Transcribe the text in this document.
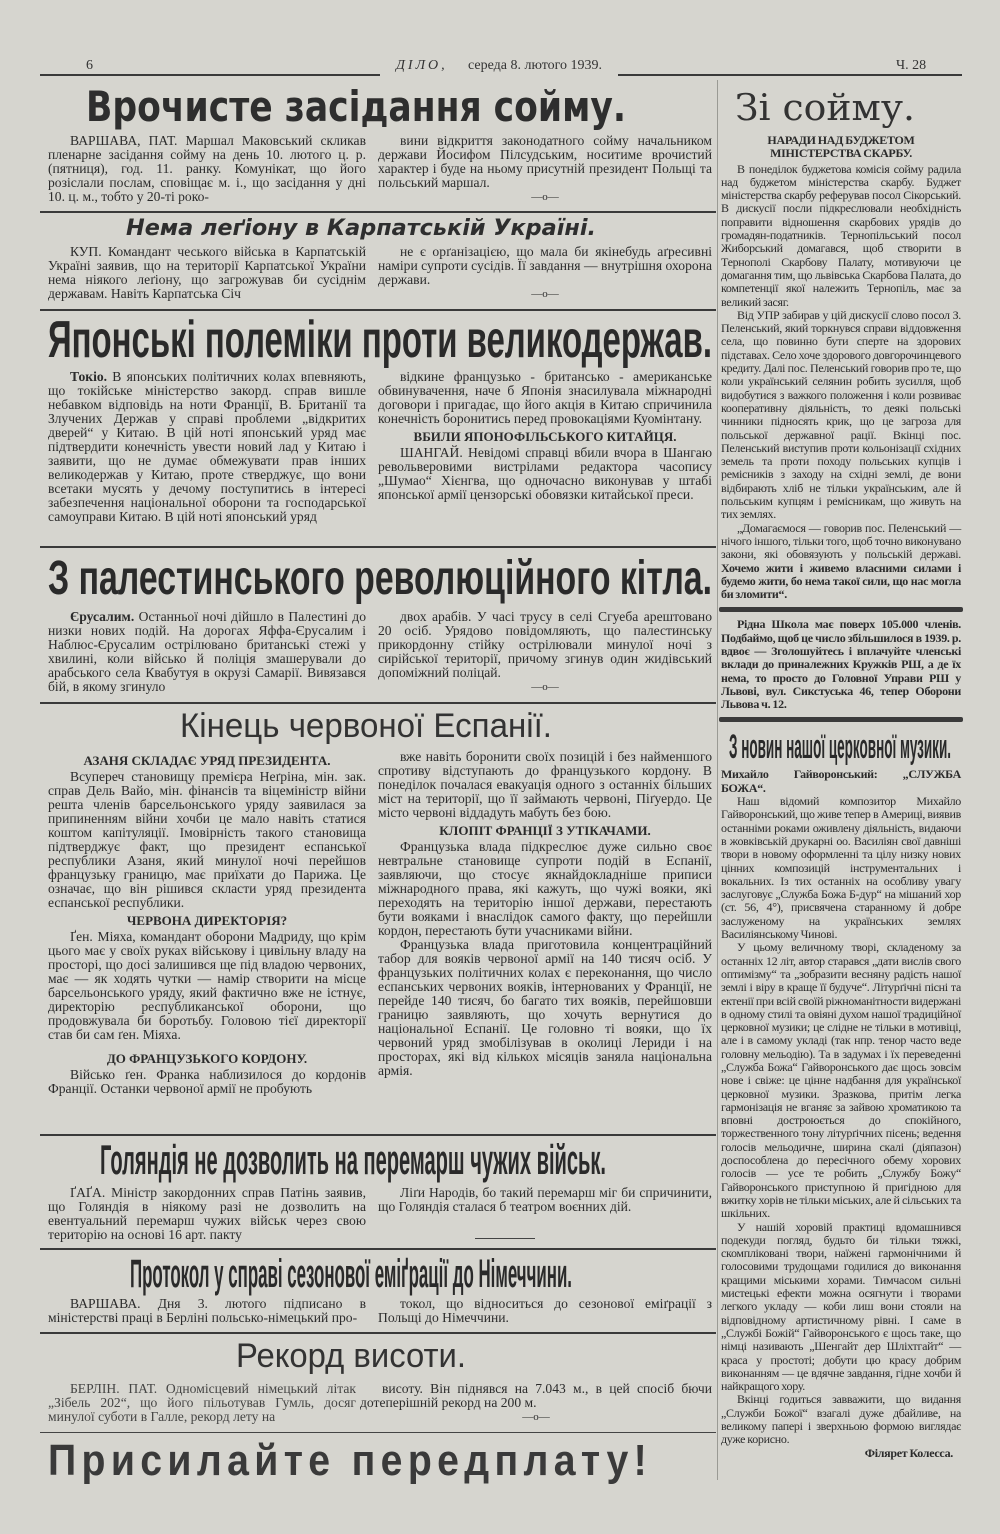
6	ДІЛО, середа 8. лютого 1939.	Ч. 28
Врочисте засідання сойму.

ВАРШАВА, ПАТ. Маршал Маковський скликав пленарне засідання сойму на день 10. лютого ц. р. (пятниця), год. 11. ранку. Комунікат, що його розіслали послам, сповіщає м. і., що засідання у дні 10. ц. м., тобто у 20-ті роко-

вини відкриття законодатного сойму начальником держави Йосифом Пілсудським, носитиме врочистий характер і буде на ньому присутній президент Польщі та польський маршал.

—o—

Нема леґіону в Карпатській Україні.

КУП. Командант чеського війська в Карпатській Україні заявив, що на території Карпатської України нема ніякого леґіону, що загрожував би сусіднім державам. Навіть Карпатська Січ

не є орґанізацією, що мала би якінебудь аґресивні наміри супроти сусідів. Її завдання — внутрішня охорона держави.

—o—

Японські полеміки проти великодержав.

Токіо. В японських політичних колах впевняють, що токійське міністерство закорд. справ вишле небавком відповідь на ноти Франції, В. Британії та Злучених Держав у справі проблеми „відкритих дверей“ у Китаю. В цій ноті японський уряд має підтвердити конечність увести новий лад у Китаю і заявити, що не думає обмежувати прав інших великодержав у Китаю, проте стверджує, що вони всетаки мусять у дечому поступитись в інтересі забезпечення національної оборони та господарської самоуправи Китаю. В цій ноті японський уряд

відкине французько - британсько - американське обвинувачення, наче б Японія знасилувала міжнародні договори і пригадає, що його акція в Китаю спричинила конечність боронитись перед провокаціями Куомінтану.

ВБИЛИ ЯПОНОФІЛЬСЬКОГО КИТАЙЦЯ.

ШАНГАЙ. Невідомі справці вбили вчора в Шангаю револьверовими вистрілами редактора часопису „Шумао“ Хієнгва, що одночасно виконував у штабі японської армії цензорські обовязки китайської преси.

З палестинського революційного кітла.

Єрусалим. Останньої ночі дійшло в Палестині до низки нових подій. На дорогах Яффа-Єрусалим і Наблюс-Єрусалим острілювано британські стежі у хвилині, коли військо й поліція змашерували до арабського села Квабутуя в окрузі Самарії. Вивязався бій, в якому згинуло

двох арабів. У часі трусу в селі Сгуеба арештовано 20 осіб. Урядово повідомляють, що палестинську прикордонну стійку острілювали минулої ночі з сирійської території, причому згинув один жидівський допоміжний поліцай.

—o—

Кінець червоної Еспанії.

АЗАНЯ СКЛАДАЄ УРЯД ПРЕЗИДЕНТА.

Всупереч становищу премієра Неґріна, мін. зак. справ Дель Вайо, мін. фінансів та віцеміністр війни решта членів барсельонського уряду заявилася за припиненням війни хочби це мало навіть статися коштом капітуляції. Імовірність такого становища підтверджує факт, що президент еспанської республики Азаня, який минулої ночі перейшов французьку границю, має приїхати до Парижа. Це означає, що він рішився скласти уряд президента еспанської республики.

ЧЕРВОНА ДИРЕКТОРІЯ?

Ґен. Міяха, командант оборони Мадриду, що крім цього має у своїх руках військову і цивільну владу на просторі, що досі залишився ще під владою червоних, має — як ходять чутки — намір створити на місце барсельонського уряду, який фактично вже не істнує, директорію республиканської оборони, що продовжувала би боротьбу. Головою тієї директорії став би сам ґен. Міяха.

ДО ФРАНЦУЗЬКОГО КОРДОНУ.

Військо ґен. Франка наблизилося до кордонів Франції. Останки червоної армії не пробують

вже навіть боронити своїх позицій і без найменшого спротиву відступають до французького кордону. В понеділок почалася евакуація одного з останніх більших міст на території, що її займають червоні, Піґуердо. Це місто червоні віддадуть мабуть без бою.

КЛОПІТ ФРАНЦІЇ З УТІКАЧАМИ.

Французька влада підкреслює дуже сильно своє невтральне становище супроти подій в Еспанії, заявляючи, що стосує якнайдокладніше приписи міжнародного права, які кажуть, що чужі вояки, які переходять на територію іншої держави, перестають бути вояками і внаслідок самого факту, що перейшли кордон, перестають бути учасниками війни.

Французька влада приготовила концентраційний табор для вояків червоної армії на 140 тисяч осіб. У французьких політичних колах є переконання, що число еспанських червоних вояків, інтернованих у Франції, не перейде 140 тисяч, бо багато тих вояків, перейшовши границю заявляють, що хочуть вернутися до національної Еспанії. Це головно ті вояки, що їх червоний уряд змобілізував в околиці Лериди і на просторах, які від кількох місяців заняла національна армія.

Голяндія не дозволить на перемарш чужих військ.

ҐАҐА. Міністр закордонних справ Патінь заявив, що Голяндія в ніякому разі не дозволить на евентуальний перемарш чужих військ через свою територію на основі 16 арт. пакту

Ліґи Народів, бо такий перемарш міг би спричинити, що Голяндія сталася б театром воєнних дій.

Протокол у справі сезонової еміґрації до Німеччини.

ВАРШАВА. Дня 3. лютого підписано в міністерстві праці в Берліні польсько-німецький про-

токол, що відноситься до сезонової еміґрації з Польщі до Німеччини.

Рекорд висоти.

БЕРЛІН. ПАТ. Одномісцевий німецький літак „Зібель 202“, що його пільотував Гумль, досяг минулої суботи в Галле, рекорд лету на

висоту. Він піднявся на 7.043 м., в цей спосіб бючи дотеперішній рекорд на 200 м.

—o—

Присилайте передплату!
Зі сойму.

НАРАДИ НАД БУДЖЕТОМ МІНІСТЕРСТВА СКАРБУ.

В понеділок буджетова комісія сойму радила над буджетом міністерства скарбу. Буджет міністерства скарбу реферував посол Сікорський. В дискусії посли підкреслювали необхідність поправити відношення скарбових урядів до громадян-податників. Тернопільський посол Жиборський домагався, щоб створити в Тернополі Скарбову Палату, мотивуючи це домагання тим, що львівська Скарбова Палата, до компетенції якої належить Тернопіль, має за великий засяг.

Від УПР забирав у цій дискусії слово посол З. Пеленський, який торкнувся справи віддовження села, що повинно бути сперте на здорових підставах. Село хоче здорового довгорочинцевого кредиту. Далі пос. Пеленський говорив про те, що коли український селянин робить зусилля, щоб видобутися з важкого положення і коли розвиває кооперативну діяльність, то деякі польські чинники підносять крик, що це загроза для польської державної рації. Вкінці пос. Пеленський виступив проти кольонізації східних земель та проти походу польських купців і ремісників з заходу на східні землі, де вони відбирають хліб не тільки українським, але й польським купцям і ремісникам, що живуть на тих землях.

„Домагаємося — говорив пос. Пеленський — нічого іншого, тільки того, щоб точно виконувано закони, які обовязують у польській державі. Хочемо жити і живемо власними силами і будемо жити, бо нема такої сили, що нас могла би зломити“.

Рідна Школа має поверх 105.000 членів. Подбаймо, щоб це число збільшилося в 1939. р. вдвоє — Зголошуйтесь і вплачуйте членські вклади до приналежних Кружків РШ, а де їх нема, то просто до Головної Управи РШ у Львові, вул. Сикстуська 46, тепер Оборони Львова ч. 12.

З новин нашої церковної музики.

Михайло Гайворонський: „СЛУЖБА БОЖА“.

Наш відомий композитор Михайло Гайворонський, що живе тепер в Америці, виявив останніми роками оживлену діяльність, видаючи в жовківській друкарні оо. Василіян свої давніші твори в новому оформленні та цілу низку нових цінних композицій інструментальних і вокальних. Із тих останніх на особливу увагу заслуговує „Служба Божа Б-дур“ на мішаний хор (ст. 56, 4°), присвячена старанному й добре заслуженому на українських землях Василіянському Чинові.

У цьому величному творі, складеному за останніх 12 літ, автор старався „дати вислів свого оптимізму“ та „зобразити весняну радість нашої землі і віру в краще її будуче“. Літурґічні пісні та ектенії при всій своїй ріжноманітности видержані в одному стилі та овіяні духом нашої традиційної церковної музики; це слідне не тільки в мотивіці, але і в самому укладі (так нпр. тенор часто веде головну мельодію). Та в задумах і їх переведенні „Служба Божа“ Гайворонського дає щось зовсім нове і свіже: це цінне надбання для української церковної музики. Зразкова, притім легка гармонізація не вганяє за зайвою хроматикою та вповні достроюється до спокійного, торжественного тону літурґічних пісень; ведення голосів мельодичне, ширина скалі (діяпазон) доспособлена до пересічного обему хорових голосів — усе те робить „Службу Божу“ Гайворонського приступною й пригідною для вжитку хорів не тільки міських, але й сільських та шкільних.

У нашій хоровій практиці вдомашнився подекуди погляд, будьто би тільки тяжкі, скомпліковані твори, наїжені гармонічними й голосовими трудощами годилися до виконання кращими міськими хорами. Тимчасом сильні мистецькі ефекти можна осягнути і творами легкого укладу — коби лиш вони стояли на відповідному артистичному рівні. І саме в „Службі Божій“ Гайворонського є щось таке, що німці називають „Шенгайт дер Шліхтгайт“ — краса у простоті; добути цю красу добрим виконанням — це вдячне завдання, гідне хочби й найкращого хору.

Вкінці годиться завважити, що видання „Служби Божої“ взагалі дуже дбайливе, на великому папері і зверхньою формою виглядає дуже корисно.

Філярет Колесса.
